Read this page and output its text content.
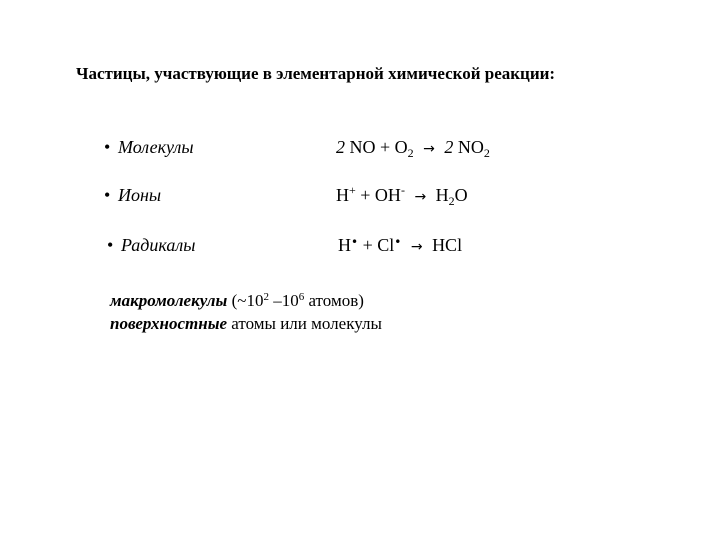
Частицы, участвующие в элементарной химической реакции:
• Молекулы	2 NO + $O_2 \to 2$ $NO_2$
• Ионы	$H^+ + OH^- \to H_2O$
• Радикалы	H• + Cl• → HCl
макромолекулы ($\sim 10^2$ $-10^6$ атомов)
поверхностные атомы или молекулы
